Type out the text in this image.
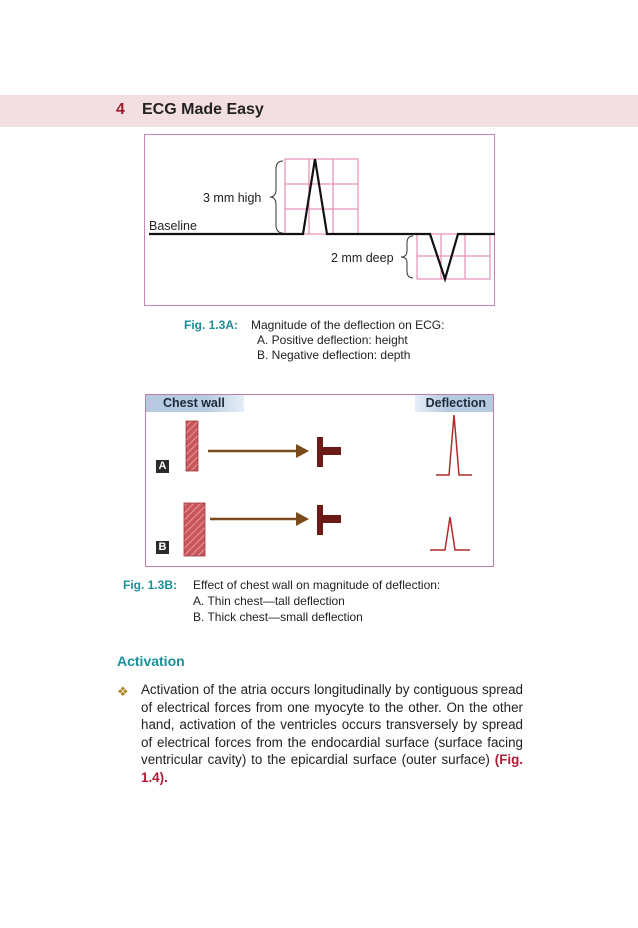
4 ECG Made Easy
3 mm high
Baseline
2 mm deep
Fig. 1.3A: Magnitude of the deflection on ECG:
A. Positive deflection: height
B. Negative deflection: depth
Chest wall	Deflection
A
B
Fig. 1.3B: Effect of chest wall on magnitude of deflection:
A. Thin chest—tall deflection
B. Thick chest—small deflection
Activation
❖ Activation of the atria occurs longitudinally by contiguous spread of electrical forces from one myocyte to the other. On the other hand, activation of the ventricles occurs transversely by spread of electrical forces from the endocardial surface (surface facing ventricular cavity) to the epicardial surface (outer surface) (Fig. 1.4).
